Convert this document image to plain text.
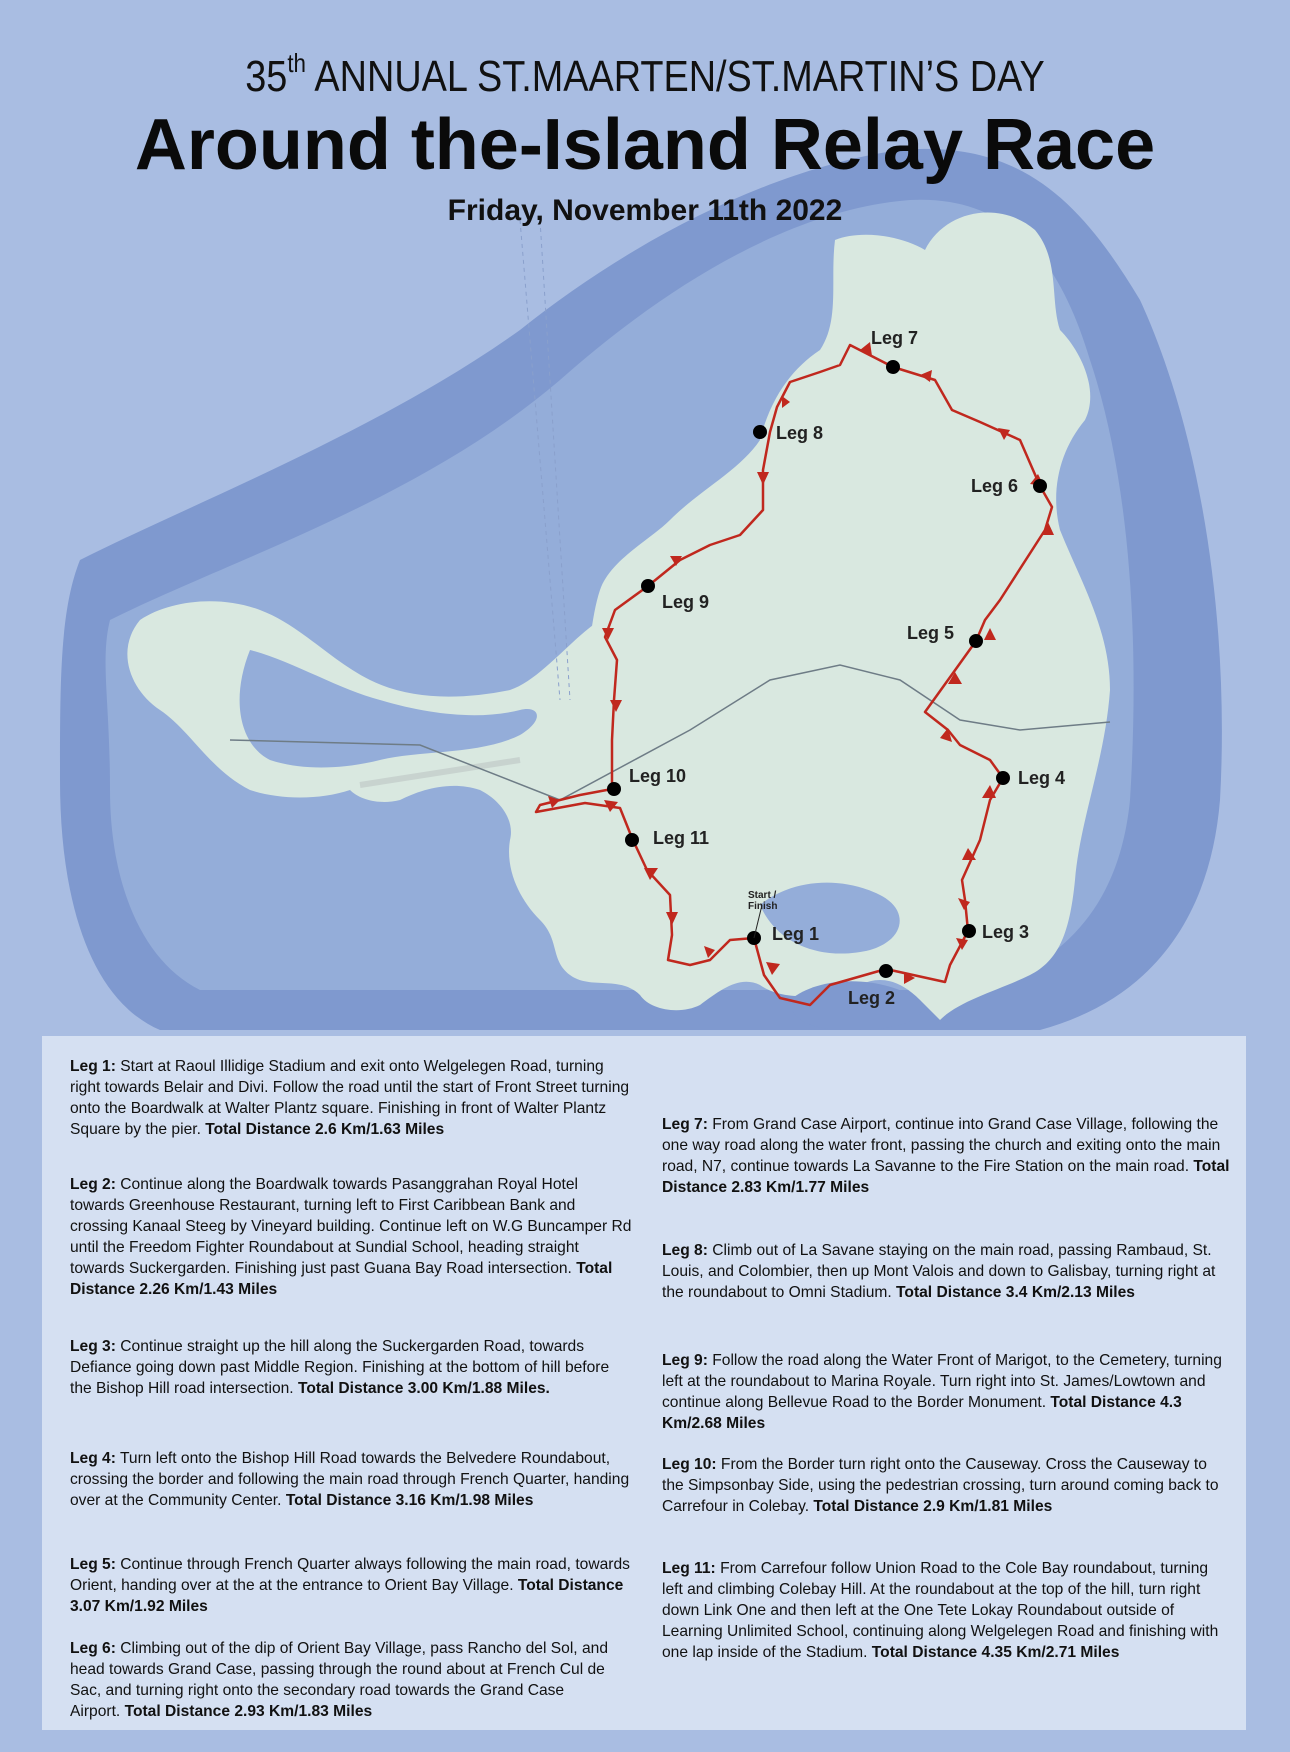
35th ANNUAL ST.MAARTEN/ST.MARTIN’S DAY
Around the-Island Relay Race
Friday, November 11th 2022
Leg 1
Leg 2
Leg 3
Leg 4
Leg 5
Leg 6
Leg 7
Leg 8
Leg 9
Leg 10
Leg 11
Start / Finish
Leg 1: Start at Raoul Illidige Stadium and exit onto Welgelegen Road, turning right towards Belair and Divi. Follow the road until the start of Front Street turning onto the Boardwalk at Walter Plantz square. Finishing in front of Walter Plantz Square by the pier. Total Distance 2.6 Km/1.63 Miles
Leg 2: Continue along the Boardwalk towards Pasanggrahan Royal Hotel towards Greenhouse Restaurant, turning left to First Caribbean Bank and crossing Kanaal Steeg by Vineyard building. Continue left on W.G Buncamper Rd until the Freedom Fighter Roundabout at Sundial School, heading straight towards Suckergarden. Finishing just past Guana Bay Road intersection. Total Distance 2.26 Km/1.43 Miles
Leg 3: Continue straight up the hill along the Suckergarden Road, towards Defiance going down past Middle Region. Finishing at the bottom of hill before the Bishop Hill road intersection. Total Distance 3.00 Km/1.88 Miles.
Leg 4: Turn left onto the Bishop Hill Road towards the Belvedere Roundabout, crossing the border and following the main road through French Quarter, handing over at the Community Center. Total Distance 3.16 Km/1.98 Miles
Leg 5: Continue through French Quarter always following the main road, towards Orient, handing over at the at the entrance to Orient Bay Village. Total Distance 3.07 Km/1.92 Miles
Leg 6: Climbing out of the dip of Orient Bay Village, pass Rancho del Sol, and head towards Grand Case, passing through the round about at French Cul de Sac, and turning right onto the secondary road towards the Grand Case Airport. Total Distance 2.93 Km/1.83 Miles
Leg 7: From Grand Case Airport, continue into Grand Case Village, following the one way road along the water front, passing the church and exiting onto the main road, N7, continue towards La Savanne to the Fire Station on the main road. Total Distance 2.83 Km/1.77 Miles
Leg 8: Climb out of La Savane staying on the main road, passing Rambaud, St. Louis, and Colombier, then up Mont Valois and down to Galisbay, turning right at the roundabout to Omni Stadium. Total Distance 3.4 Km/2.13 Miles
Leg 9: Follow the road along the Water Front of Marigot, to the Cemetery, turning left at the roundabout to Marina Royale. Turn right into St. James/Lowtown and continue along Bellevue Road to the Border Monument. Total Distance 4.3 Km/2.68 Miles
Leg 10: From the Border turn right onto the Causeway. Cross the Causeway to the Simpsonbay Side, using the pedestrian crossing, turn around coming back to Carrefour in Colebay. Total Distance 2.9 Km/1.81 Miles
Leg 11: From Carrefour follow Union Road to the Cole Bay roundabout, turning left and climbing Colebay Hill. At the roundabout at the top of the hill, turn right down Link One and then left at the One Tete Lokay Roundabout outside of Learning Unlimited School, continuing along Welgelegen Road and finishing with one lap inside of the Stadium. Total Distance 4.35 Km/2.71 Miles
